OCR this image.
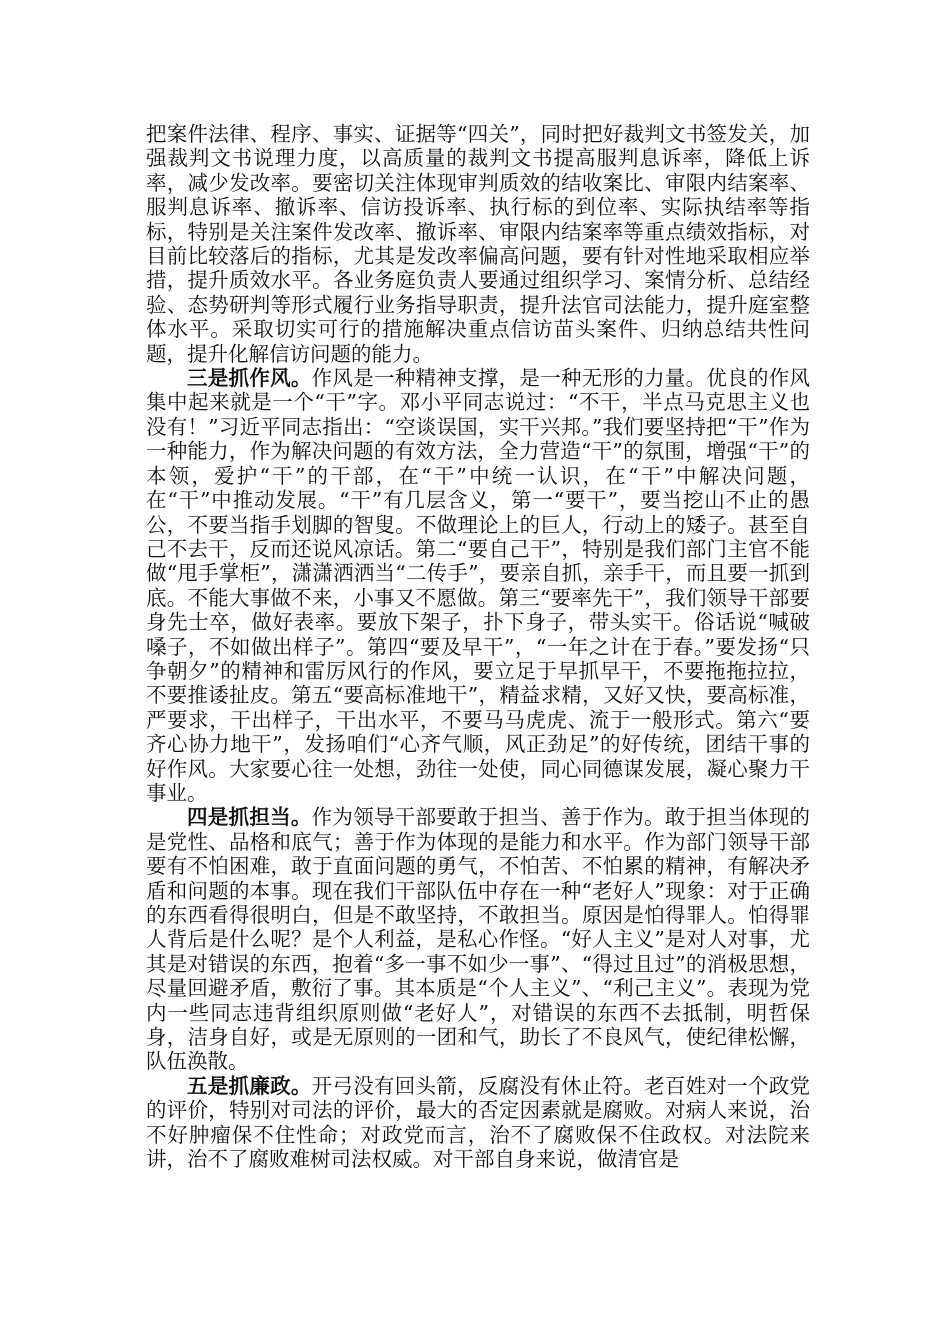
把案件法律、程序、事实、证据等“四关”，同时把好裁判文书签发关，加强裁判文书说理力度，以高质量的裁判文书提高服判息诉率，降低上诉率，减少发改率。要密切关注体现审判质效的结收案比、审限内结案率、服判息诉率、撤诉率、信访投诉率、执行标的到位率、实际执结率等指标，特别是关注案件发改率、撤诉率、审限内结案率等重点绩效指标，对目前比较落后的指标，尤其是发改率偏高问题，要有针对性地采取相应举措，提升质效水平。各业务庭负责人要通过组织学习、案情分析、总结经验、态势研判等形式履行业务指导职责，提升法官司法能力，提升庭室整体水平。采取切实可行的措施解决重点信访苗头案件、归纳总结共性问题，提升化解信访问题的能力。

三是抓作风。作风是一种精神支撑，是一种无形的力量。优良的作风集中起来就是一个“干”字。邓小平同志说过：“不干，半点马克思主义也没有！”习近平同志指出：“空谈误国，实干兴邦。”我们要坚持把“干”作为一种能力，作为解决问题的有效方法，全力营造“干”的氛围，增强“干”的本领，爱护“干”的干部，在“干”中统一认识，在“干”中解决问题，在“干”中推动发展。“干”有几层含义，第一“要干”，要当挖山不止的愚公，不要当指手划脚的智叟。不做理论上的巨人，行动上的矮子。甚至自己不去干，反而还说风凉话。第二“要自己干”，特别是我们部门主官不能做“甩手掌柜”，潇潇洒洒当“二传手”，要亲自抓，亲手干，而且要一抓到底。不能大事做不来，小事又不愿做。第三“要率先干”，我们领导干部要身先士卒，做好表率。要放下架子，扑下身子，带头实干。俗话说“喊破嗓子，不如做出样子”。第四“要及早干”，“一年之计在于春。”要发扬“只争朝夕”的精神和雷厉风行的作风，要立足于早抓早干，不要拖拖拉拉，不要推诿扯皮。第五“要高标准地干”，精益求精，又好又快，要高标准，严要求，干出样子，干出水平，不要马马虎虎、流于一般形式。第六“要齐心协力地干”，发扬咱们“心齐气顺，风正劲足”的好传统，团结干事的好作风。大家要心往一处想，劲往一处使，同心同德谋发展，凝心聚力干事业。

四是抓担当。作为领导干部要敢于担当、善于作为。敢于担当体现的是党性、品格和底气；善于作为体现的是能力和水平。作为部门领导干部要有不怕困难，敢于直面问题的勇气，不怕苦、不怕累的精神，有解决矛盾和问题的本事。现在我们干部队伍中存在一种“老好人”现象：对于正确的东西看得很明白，但是不敢坚持，不敢担当。原因是怕得罪人。怕得罪人背后是什么呢？是个人利益，是私心作怪。“好人主义”是对人对事，尤其是对错误的东西，抱着“多一事不如少一事”、“得过且过”的消极思想，尽量回避矛盾，敷衍了事。其本质是“个人主义”、“利己主义”。表现为党内一些同志违背组织原则做“老好人”，对错误的东西不去抵制，明哲保身，洁身自好，或是无原则的一团和气，助长了不良风气，使纪律松懈，队伍涣散。

五是抓廉政。开弓没有回头箭，反腐没有休止符。老百姓对一个政党的评价，特别对司法的评价，最大的否定因素就是腐败。对病人来说，治不好肿瘤保不住性命；对政党而言，治不了腐败保不住政权。对法院来讲，治不了腐败难树司法权威。对干部自身来说，做清官是
